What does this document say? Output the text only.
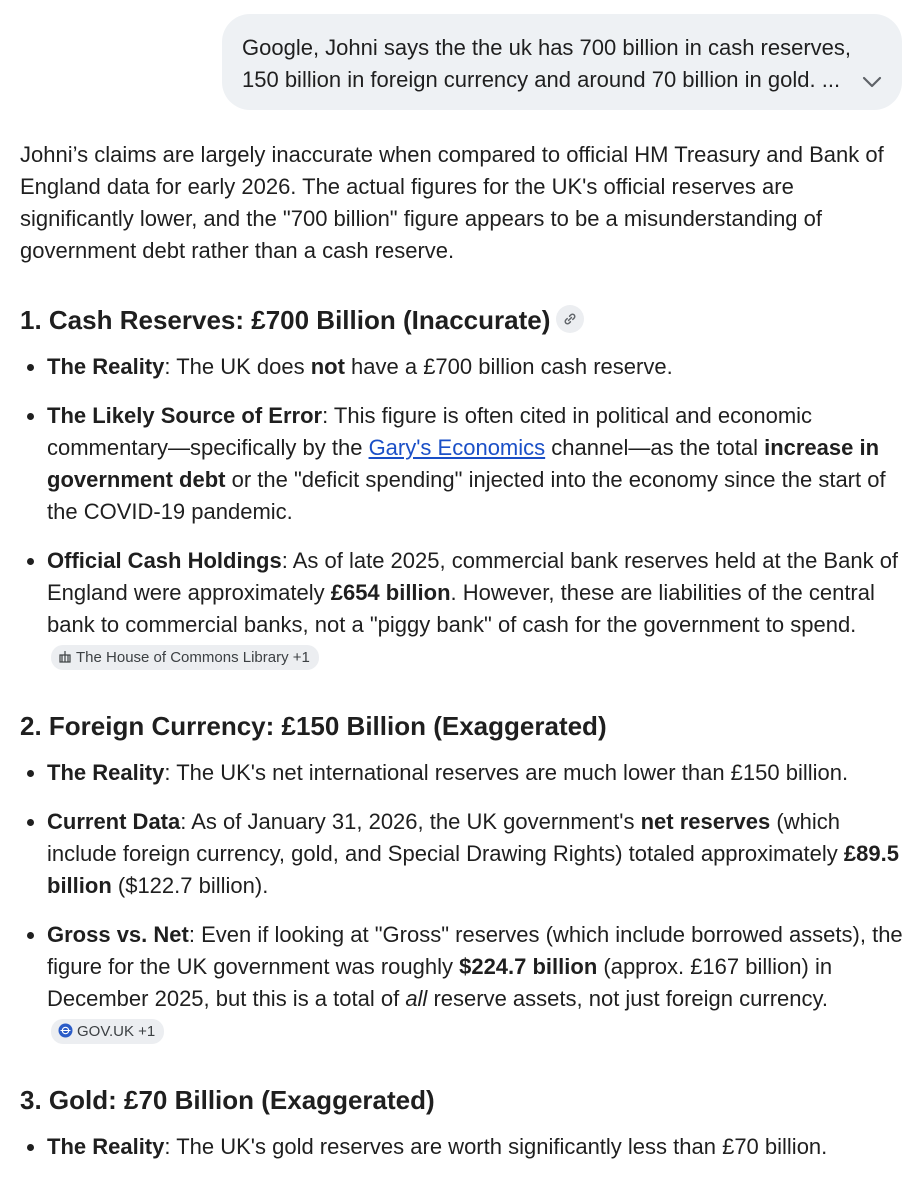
Google, Johni says the the uk has 700 billion in cash reserves,
150 billion in foreign currency and around 70 billion in gold. ...

Johni’s claims are largely inaccurate when compared to official HM Treasury and Bank of England data for early 2026. The actual figures for the UK's official reserves are significantly lower, and the "700 billion" figure appears to be a misunderstanding of government debt rather than a cash reserve.

1. Cash Reserves: £700 Billion (Inaccurate)
• The Reality: The UK does not have a £700 billion cash reserve.
• The Likely Source of Error: This figure is often cited in political and economic commentary—specifically by the Gary's Economics channel—as the total increase in government debt or the "deficit spending" injected into the economy since the start of the COVID-19 pandemic.
• Official Cash Holdings: As of late 2025, commercial bank reserves held at the Bank of England were approximately £654 billion. However, these are liabilities of the central bank to commercial banks, not a "piggy bank" of cash for the government to spend.The House of Commons Library +1
2. Foreign Currency: £150 Billion (Exaggerated)
• The Reality: The UK's net international reserves are much lower than £150 billion.
• Current Data: As of January 31, 2026, the UK government's net reserves (which include foreign currency, gold, and Special Drawing Rights) totaled approximately £89.5 billion ($122.7 billion).
• Gross vs. Net: Even if looking at "Gross" reserves (which include borrowed assets), the figure for the UK government was roughly $224.7 billion (approx. £167 billion) in December 2025, but this is a total of all reserve assets, not just foreign currency.GOV.UK +1
3. Gold: £70 Billion (Exaggerated)
• The Reality: The UK's gold reserves are worth significantly less than £70 billion.
